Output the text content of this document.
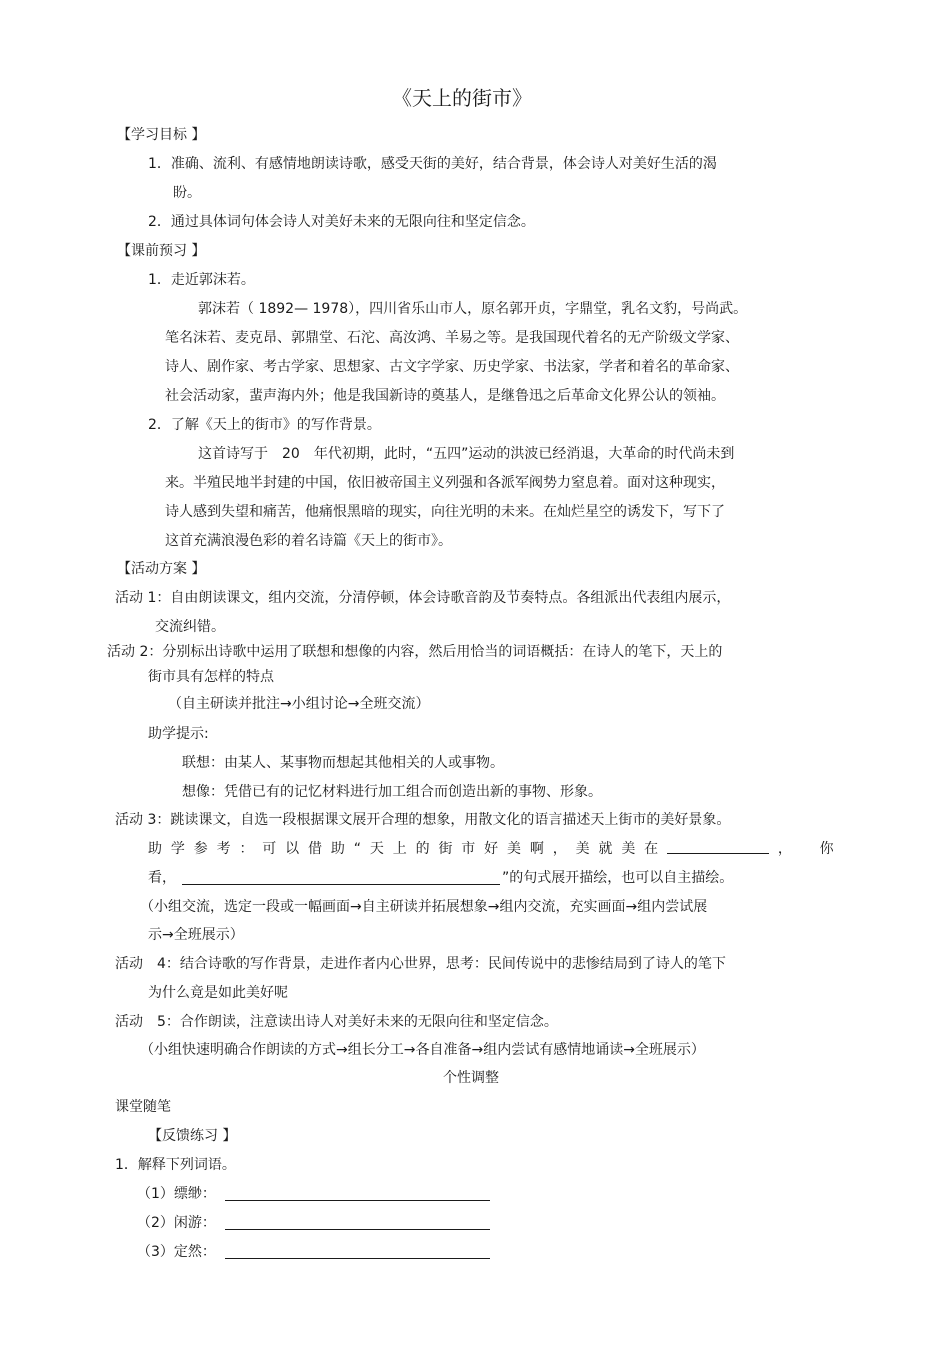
《天上的街市》
【学习目标 】
1．准确、流利、有感情地朗读诗歌，感受天街的美好，结合背景，体会诗人对美好生活的渴
盼。
2．通过具体词句体会诗人对美好未来的无限向往和坚定信念。
【课前预习 】
1．走近郭沫若。
郭沫若（ 1892— 1978），四川省乐山市人，原名郭开贞，字鼎堂，乳名文豹，号尚武。
笔名沫若、麦克昂、郭鼎堂、石沱、高汝鸿、羊易之等。是我国现代着名的无产阶级文学家、
诗人、剧作家、考古学家、思想家、古文字学家、历史学家、书法家，学者和着名的革命家、
社会活动家，蜚声海内外；他是我国新诗的奠基人，是继鲁迅之后革命文化界公认的领袖。
2．了解《天上的街市》的写作背景。
这首诗写于　20　年代初期，此时，“五四”运动的洪波已经消退，大革命的时代尚未到
来。半殖民地半封建的中国，依旧被帝国主义列强和各派军阀势力窒息着。面对这种现实，
诗人感到失望和痛苦，他痛恨黑暗的现实，向往光明的未来。在灿烂星空的诱发下，写下了
这首充满浪漫色彩的着名诗篇《天上的街市》。
【活动方案 】
活动 1：自由朗读课文，组内交流，分清停顿，体会诗歌音韵及节奏特点。各组派出代表组内展示，
交流纠错。
活动 2：分别标出诗歌中运用了联想和想像的内容，然后用恰当的词语概括：在诗人的笔下，天上的
街市具有怎样的特点
（自主研读并批注→小组讨论→全班交流）
助学提示:
联想：由某人、某事物而想起其他相关的人或事物。
想像：凭借已有的记忆材料进行加工组合而创造出新的事物、形象。
活动 3：跳读课文，自选一段根据课文展开合理的想象，用散文化的语言描述天上街市的美好景象。
助 学 参 考 ： 可 以 借 助 “ 天 上 的 街 市 好 美 啊 ， 美 就 美 在	， 你
看，	”的句式展开描绘，也可以自主描绘。
（小组交流，选定一段或一幅画面→自主研读并拓展想象→组内交流，充实画面→组内尝试展
示→全班展示）
活动　4：结合诗歌的写作背景，走进作者内心世界，思考：民间传说中的悲惨结局到了诗人的笔下
为什么竟是如此美好呢
活动　5：合作朗读，注意读出诗人对美好未来的无限向往和坚定信念。
（小组快速明确合作朗读的方式→组长分工→各自准备→组内尝试有感情地诵读→全班展示）
个性调整
课堂随笔
【反馈练习 】
1．解释下列词语。
（1）缥缈：
（2）闲游：
（3）定然：
